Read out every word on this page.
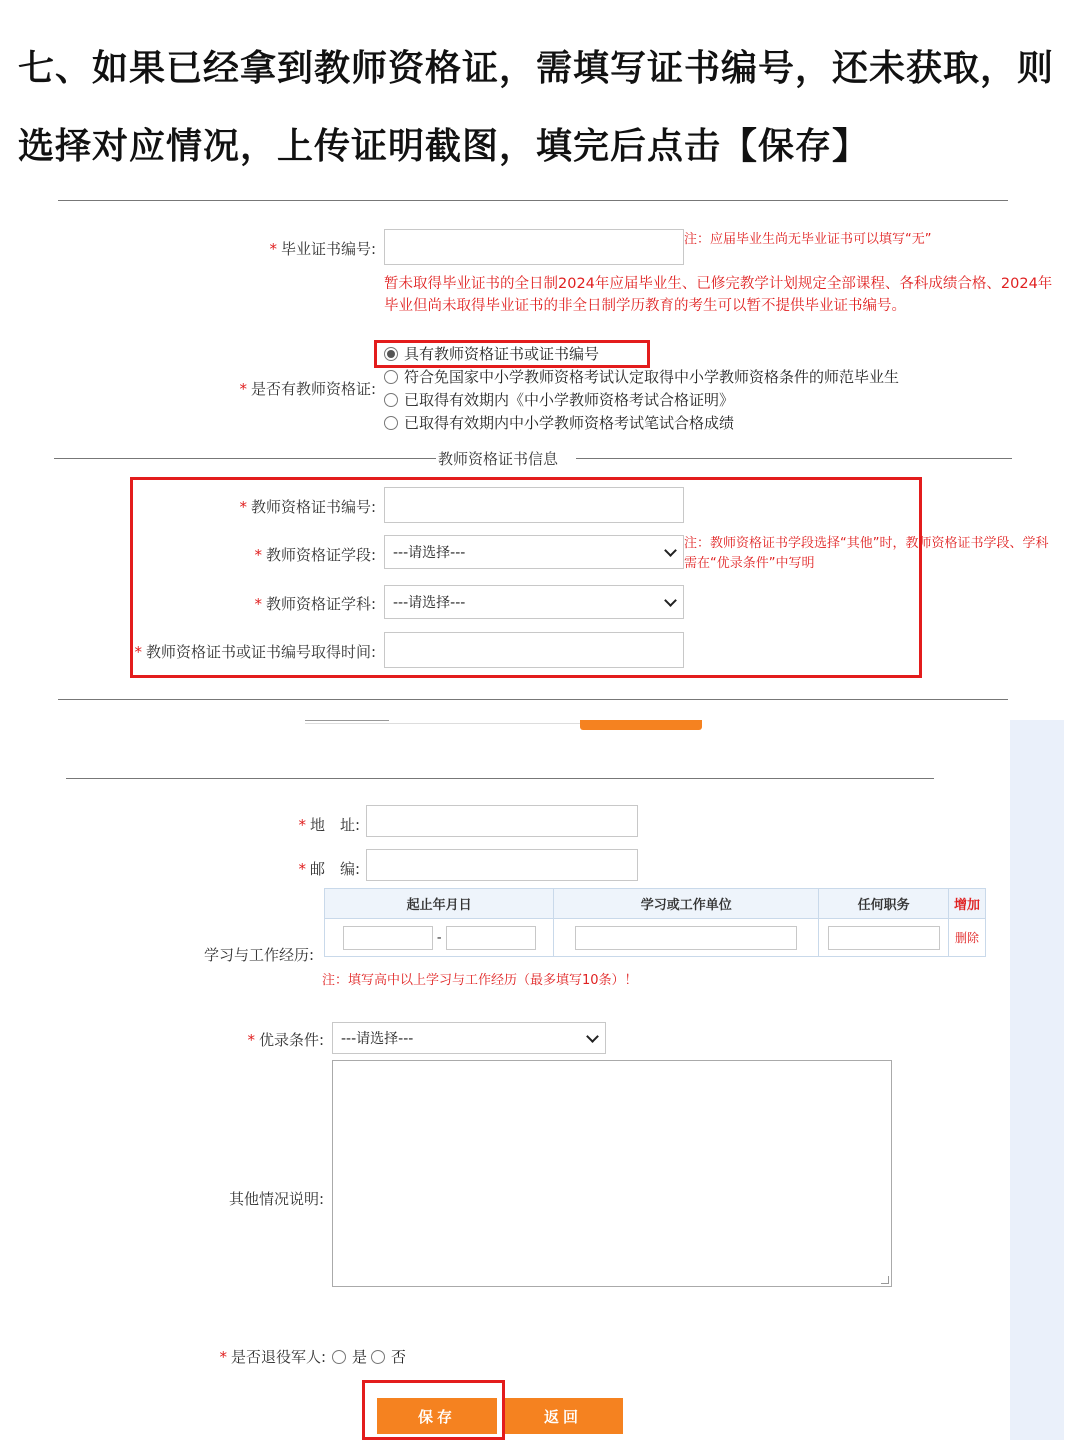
七、如果已经拿到教师资格证，需填写证书编号，还未获取，则
选择对应情况，上传证明截图，填完后点击【保存】
* 毕业证书编号:
注：应届毕业生尚无毕业证书可以填写“无”
暂未取得毕业证书的全日制2024年应届毕业生、已修完教学计划规定全部课程、各科成绩合格、2024年毕业但尚未取得毕业证书的非全日制学历教育的考生可以暂不提供毕业证书编号。
* 是否有教师资格证:
具有教师资格证书或证书编号
符合免国家中小学教师资格考试认定取得中小学教师资格条件的师范毕业生
已取得有效期内《中小学教师资格考试合格证明》
已取得有效期内中小学教师资格考试笔试合格成绩
教师资格证书信息
* 教师资格证书编号:
* 教师资格证学段: ---请选择---
注：教师资格证书学段选择“其他”时，教师资格证书学段、学科需在“优录条件”中写明
* 教师资格证学科: ---请选择---
* 教师资格证书或证书编号取得时间:
* 地　址:
* 邮　编:
学习与工作经历:
起止年月日	学习或工作单位	任何职务	增加
-			删除
注：填写高中以上学习与工作经历（最多填写10条）！
* 优录条件: ---请选择---
其他情况说明:
* 是否退役军人: 是 否
保存	返回
